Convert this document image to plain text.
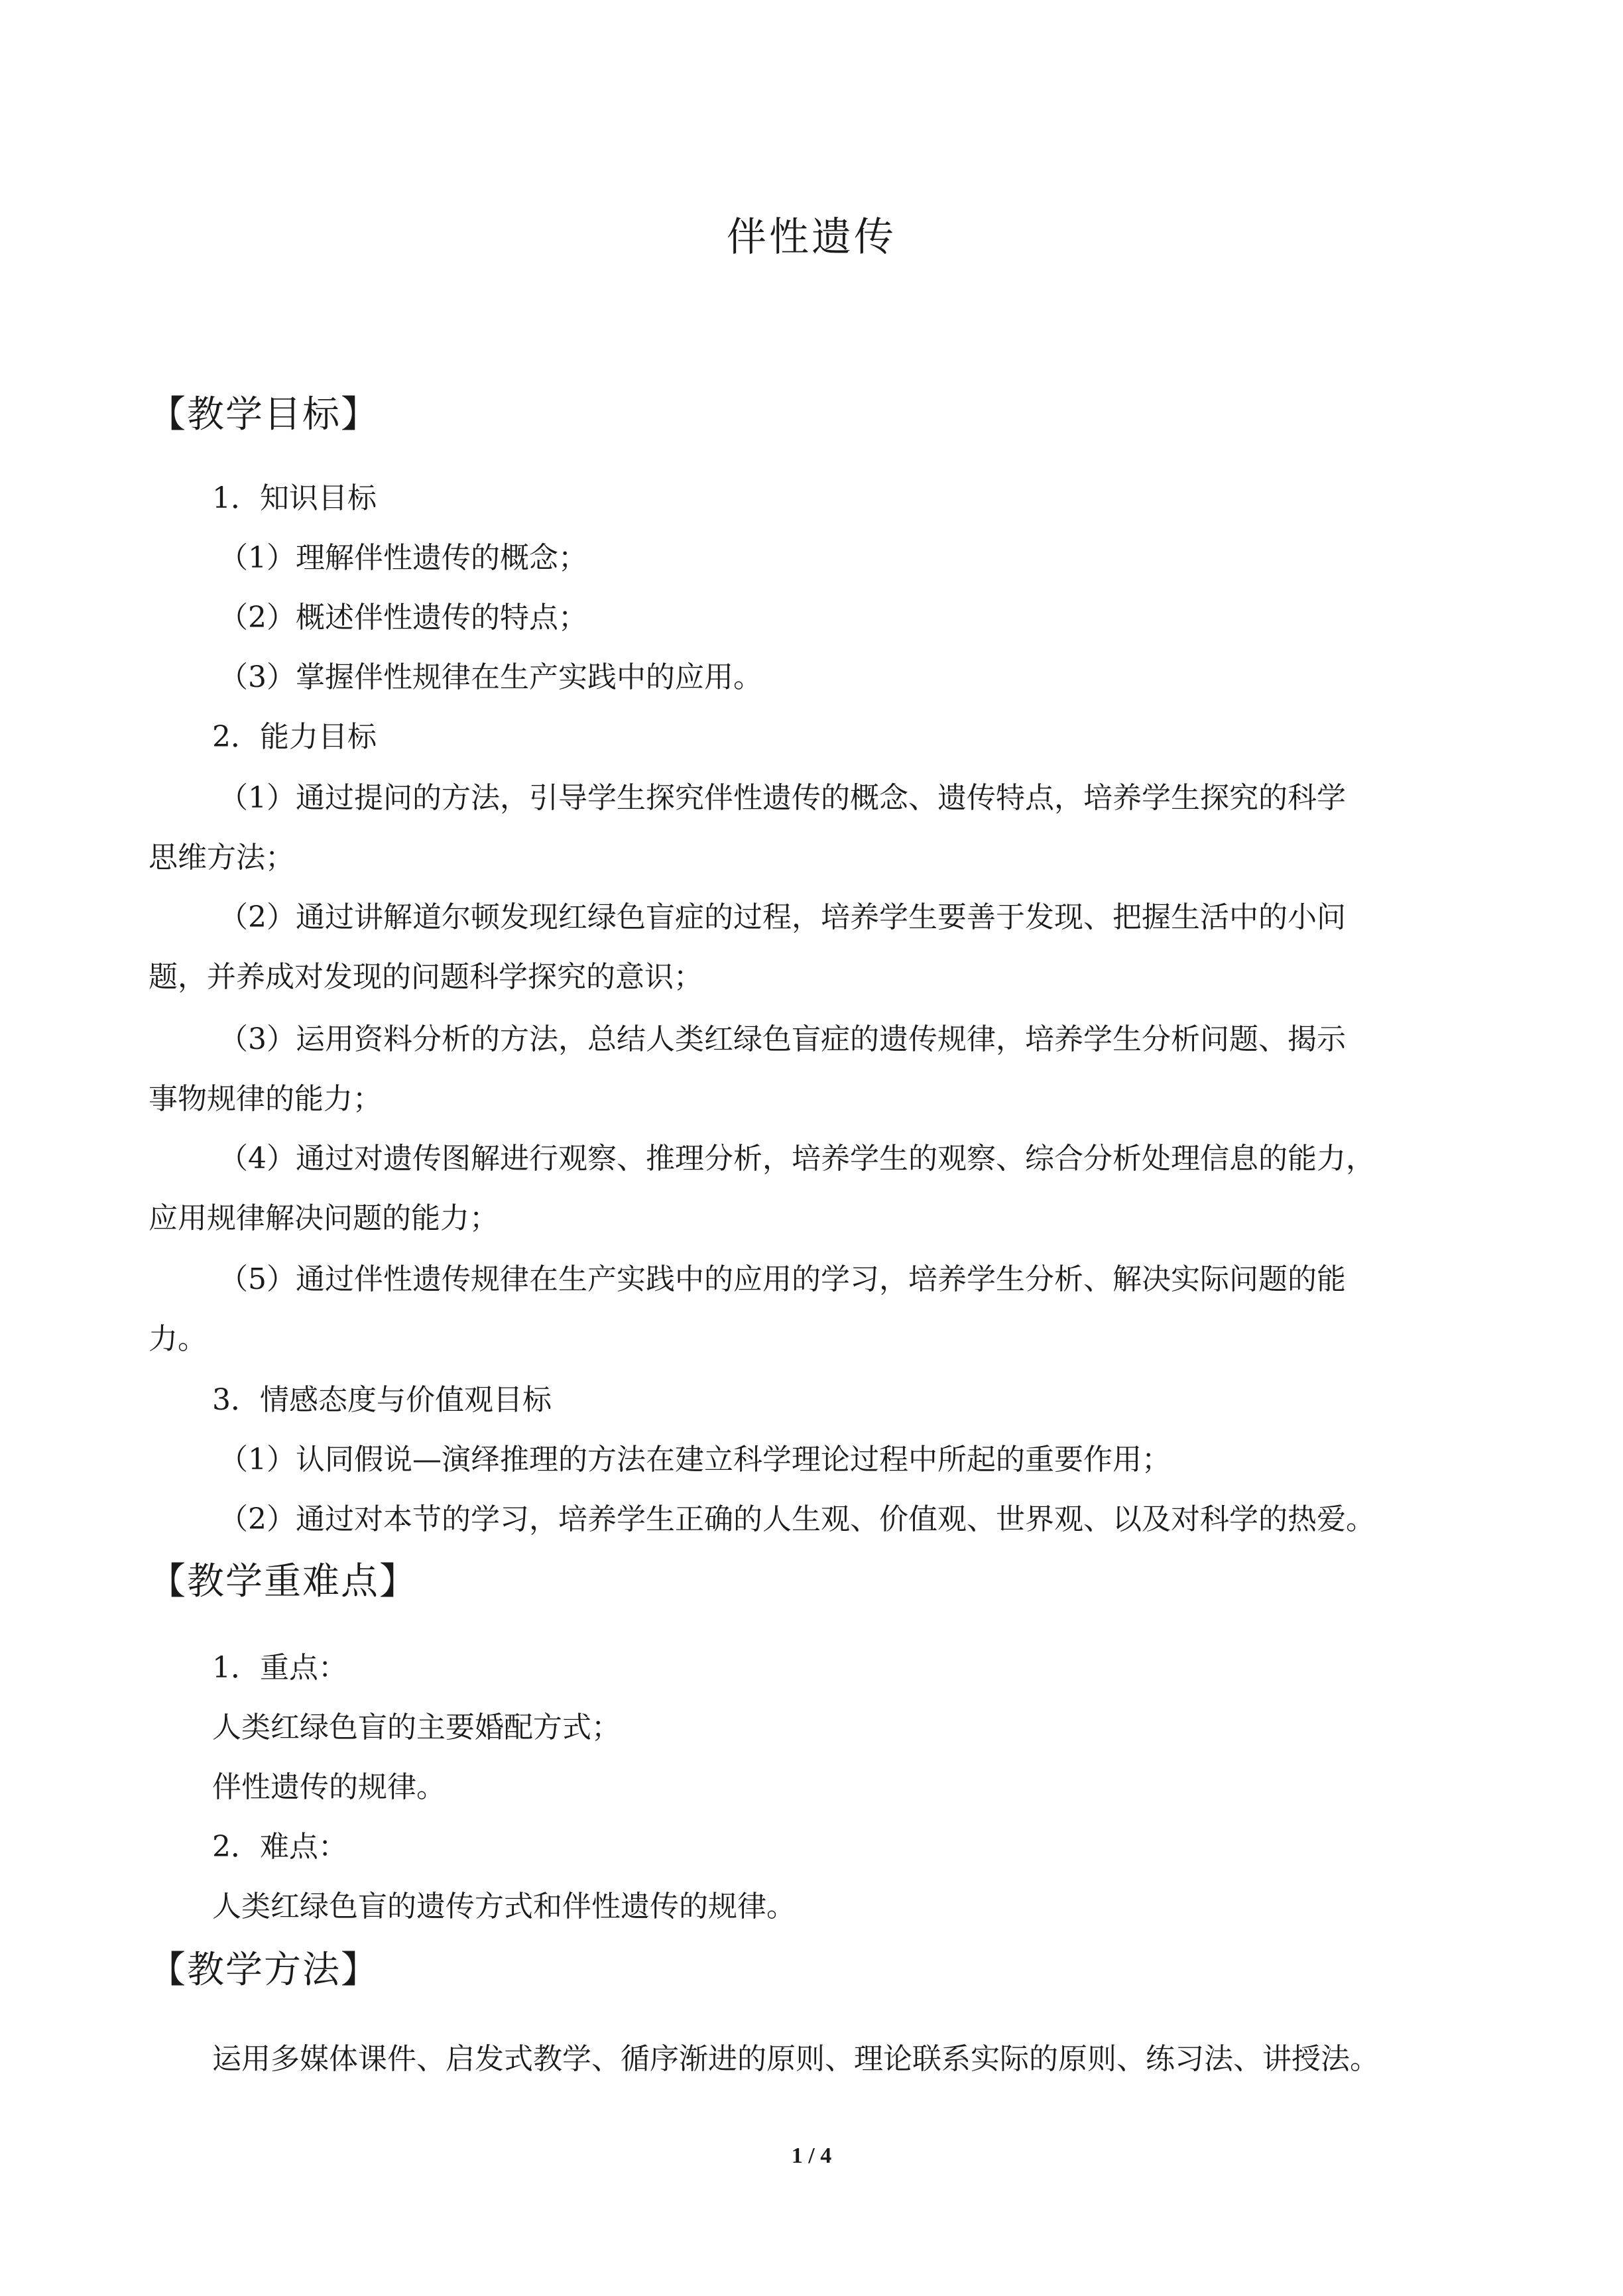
伴性遗传
【教学目标】
1．知识目标
（1）理解伴性遗传的概念；
（2）概述伴性遗传的特点；
（3）掌握伴性规律在生产实践中的应用。
2．能力目标
（1）通过提问的方法，引导学生探究伴性遗传的概念、遗传特点，培养学生探究的科学
思维方法；
（2）通过讲解道尔顿发现红绿色盲症的过程，培养学生要善于发现、把握生活中的小问
题，并养成对发现的问题科学探究的意识；
（3）运用资料分析的方法，总结人类红绿色盲症的遗传规律，培养学生分析问题、揭示
事物规律的能力；
（4）通过对遗传图解进行观察、推理分析，培养学生的观察、综合分析处理信息的能力，
应用规律解决问题的能力；
（5）通过伴性遗传规律在生产实践中的应用的学习，培养学生分析、解决实际问题的能
力。
3．情感态度与价值观目标
（1）认同假说—演绎推理的方法在建立科学理论过程中所起的重要作用；
（2）通过对本节的学习，培养学生正确的人生观、价值观、世界观、以及对科学的热爱。
【教学重难点】
1．重点：
人类红绿色盲的主要婚配方式；
伴性遗传的规律。
2．难点：
人类红绿色盲的遗传方式和伴性遗传的规律。
【教学方法】
运用多媒体课件、启发式教学、循序渐进的原则、理论联系实际的原则、练习法、讲授法。
1 / 4
